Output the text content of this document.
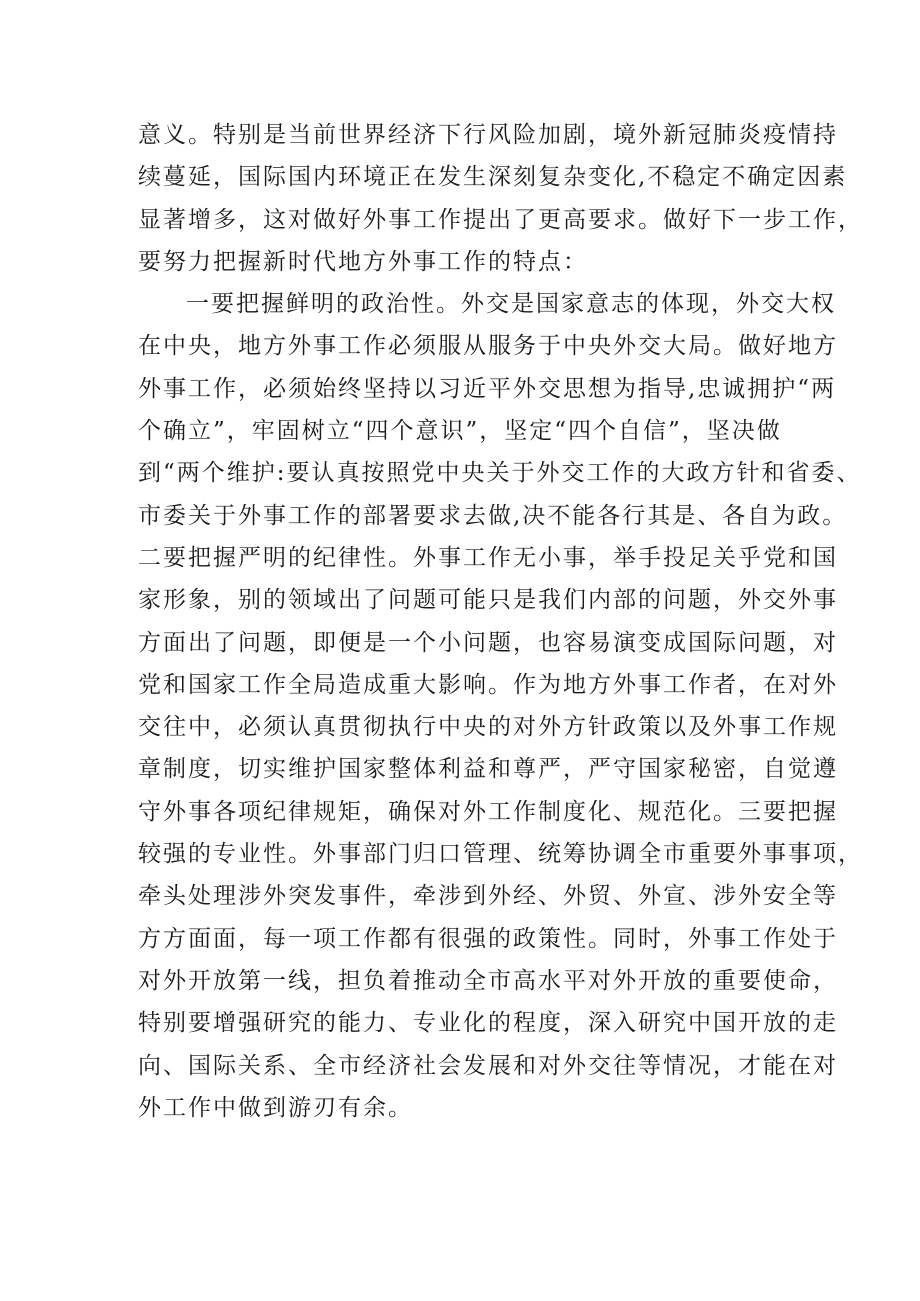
意义。特别是当前世界经济下行风险加剧，境外新冠肺炎疫情持
续蔓延，国际国内环境正在发生深刻复杂变化,不稳定不确定因素
显著增多，这对做好外事工作提出了更高要求。做好下一步工作，
要努力把握新时代地方外事工作的特点：
一要把握鲜明的政治性。外交是国家意志的体现，外交大权
在中央，地方外事工作必须服从服务于中央外交大局。做好地方
外事工作，必须始终坚持以习近平外交思想为指导,忠诚拥护“两
个确立”，牢固树立“四个意识”，坚定“四个自信”，坚决做
到“两个维护:要认真按照党中央关于外交工作的大政方针和省委、
市委关于外事工作的部署要求去做,决不能各行其是、各自为政。
二要把握严明的纪律性。外事工作无小事，举手投足关乎党和国
家形象，别的领域出了问题可能只是我们内部的问题，外交外事
方面出了问题，即便是一个小问题，也容易演变成国际问题，对
党和国家工作全局造成重大影响。作为地方外事工作者，在对外
交往中，必须认真贯彻执行中央的对外方针政策以及外事工作规
章制度，切实维护国家整体利益和尊严，严守国家秘密，自觉遵
守外事各项纪律规矩，确保对外工作制度化、规范化。三要把握
较强的专业性。外事部门归口管理、统筹协调全市重要外事事项，
牵头处理涉外突发事件，牵涉到外经、外贸、外宣、涉外安全等
方方面面，每一项工作都有很强的政策性。同时，外事工作处于
对外开放第一线，担负着推动全市高水平对外开放的重要使命，
特别要增强研究的能力、专业化的程度，深入研究中国开放的走
向、国际关系、全市经济社会发展和对外交往等情况，才能在对
外工作中做到游刃有余。
